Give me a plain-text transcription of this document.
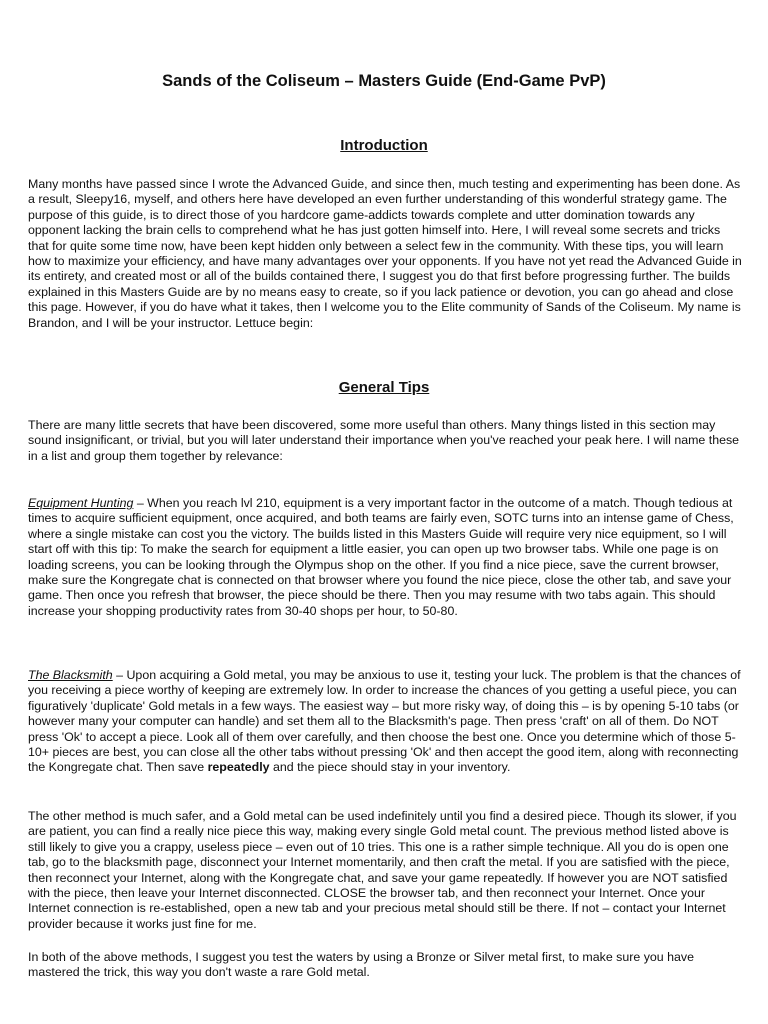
Sands of the Coliseum – Masters Guide (End-Game PvP)
Introduction

Many months have passed since I wrote the Advanced Guide, and since then, much testing and experimenting has been done. As a result, Sleepy16, myself, and others here have developed an even further understanding of this wonderful strategy game. The purpose of this guide, is to direct those of you hardcore game-addicts towards complete and utter domination towards any opponent lacking the brain cells to comprehend what he has just gotten himself into. Here, I will reveal some secrets and tricks that for quite some time now, have been kept hidden only between a select few in the community. With these tips, you will learn how to maximize your efficiency, and have many advantages over your opponents. If you have not yet read the Advanced Guide in its entirety, and created most or all of the builds contained there, I suggest you do that first before progressing further. The builds explained in this Masters Guide are by no means easy to create, so if you lack patience or devotion, you can go ahead and close this page. However, if you do have what it takes, then I welcome you to the Elite community of Sands of the Coliseum. My name is Brandon, and I will be your instructor. Lettuce begin:

General Tips

There are many little secrets that have been discovered, some more useful than others. Many things listed in this section may sound insignificant, or trivial, but you will later understand their importance when you've reached your peak here. I will name these in a list and group them together by relevance:

Equipment Hunting – When you reach lvl 210, equipment is a very important factor in the outcome of a match. Though tedious at times to acquire sufficient equipment, once acquired, and both teams are fairly even, SOTC turns into an intense game of Chess, where a single mistake can cost you the victory. The builds listed in this Masters Guide will require very nice equipment, so I will start off with this tip: To make the search for equipment a little easier, you can open up two browser tabs. While one page is on loading screens, you can be looking through the Olympus shop on the other. If you find a nice piece, save the current browser, make sure the Kongregate chat is connected on that browser where you found the nice piece, close the other tab, and save your game. Then once you refresh that browser, the piece should be there. Then you may resume with two tabs again. This should increase your shopping productivity rates from 30-40 shops per hour, to 50-80.

The Blacksmith – Upon acquiring a Gold metal, you may be anxious to use it, testing your luck. The problem is that the chances of you receiving a piece worthy of keeping are extremely low. In order to increase the chances of you getting a useful piece, you can figuratively 'duplicate' Gold metals in a few ways. The easiest way – but more risky way, of doing this – is by opening 5-10 tabs (or however many your computer can handle) and set them all to the Blacksmith's page. Then press 'craft' on all of them. Do NOT press 'Ok' to accept a piece. Look all of them over carefully, and then choose the best one. Once you determine which of those 5-10+ pieces are best, you can close all the other tabs without pressing 'Ok' and then accept the good item, along with reconnecting the Kongregate chat. Then save repeatedly and the piece should stay in your inventory.

The other method is much safer, and a Gold metal can be used indefinitely until you find a desired piece. Though its slower, if you are patient, you can find a really nice piece this way, making every single Gold metal count. The previous method listed above is still likely to give you a crappy, useless piece – even out of 10 tries. This one is a rather simple technique. All you do is open one tab, go to the blacksmith page, disconnect your Internet momentarily, and then craft the metal. If you are satisfied with the piece, then reconnect your Internet, along with the Kongregate chat, and save your game repeatedly. If however you are NOT satisfied with the piece, then leave your Internet disconnected. CLOSE the browser tab, and then reconnect your Internet. Once your Internet connection is re-established, open a new tab and your precious metal should still be there. If not – contact your Internet provider because it works just fine for me.

In both of the above methods, I suggest you test the waters by using a Bronze or Silver metal first, to make sure you have mastered the trick, this way you don't waste a rare Gold metal.
